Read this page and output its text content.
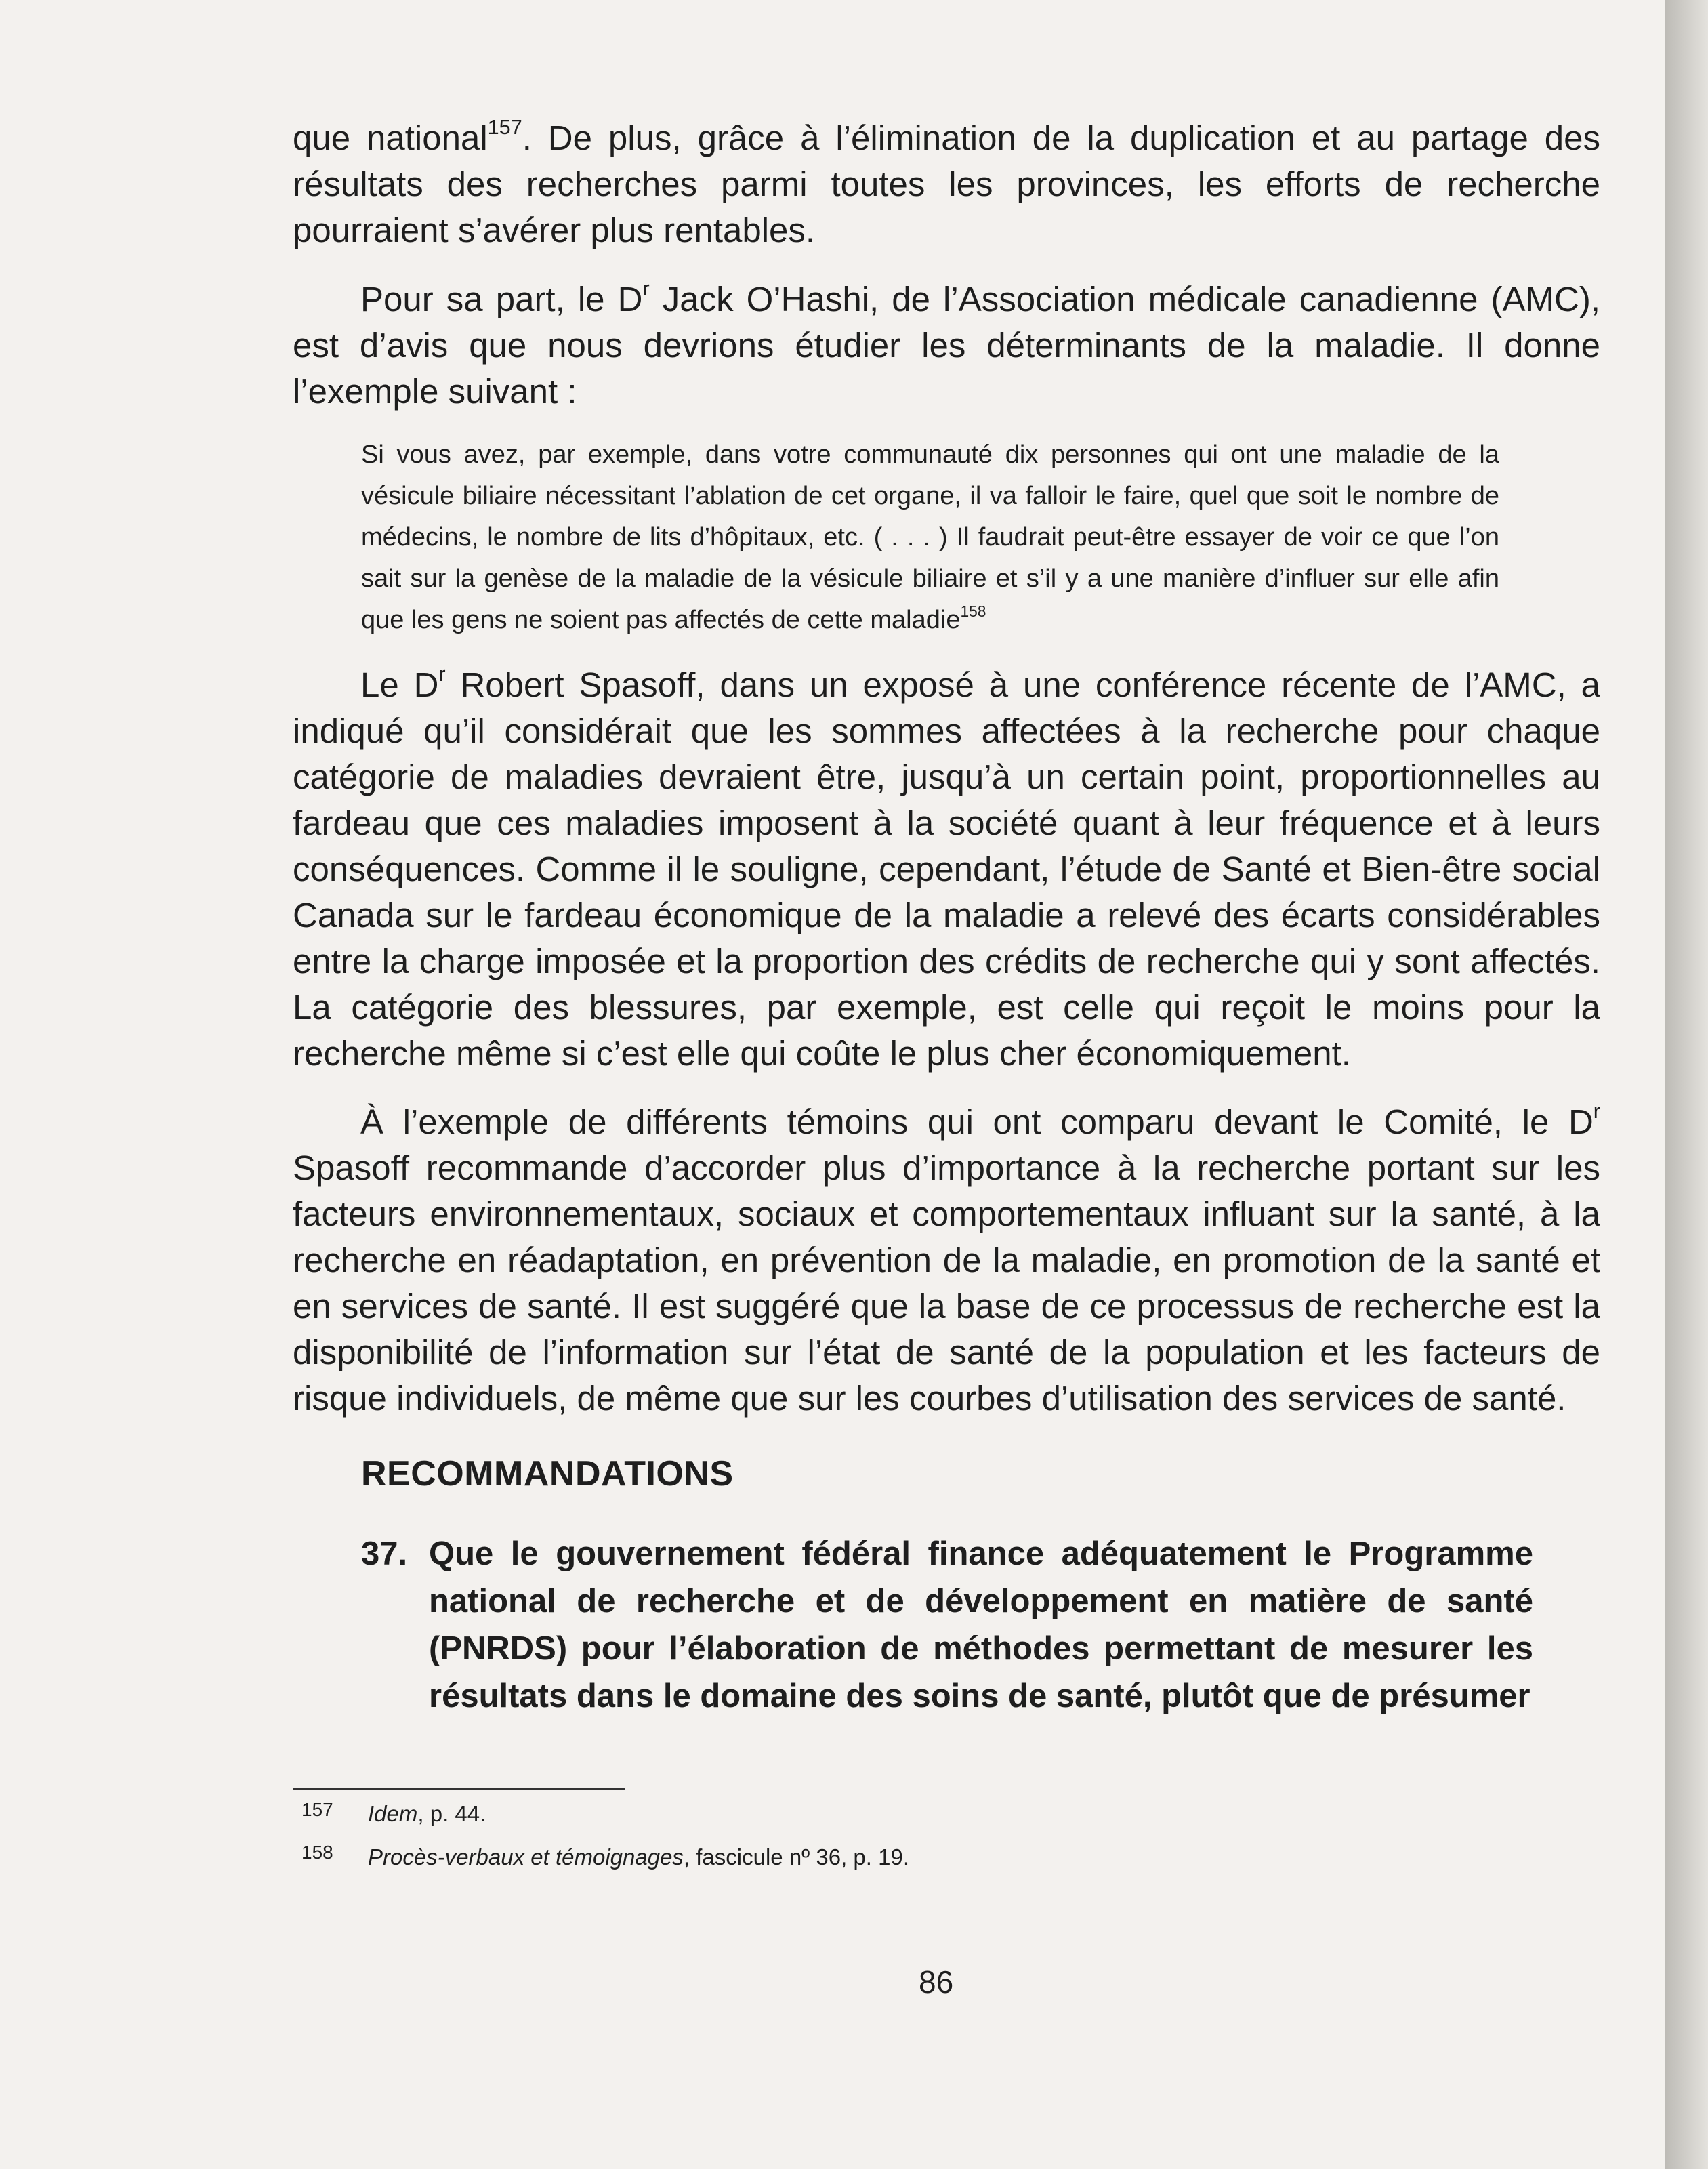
que national$^{157}$. De plus, grâce à l’élimination de la duplication et au partage des résultats des recherches parmi toutes les provinces, les efforts de recherche pourraient s’avérer plus rentables.

Pour sa part, le $D^r$ Jack O’Hashi, de l’Association médicale canadienne (AMC), est d’avis que nous devrions étudier les déterminants de la maladie. Il donne l’exemple suivant :

Si vous avez, par exemple, dans votre communauté dix personnes qui ont une maladie de la vésicule biliaire nécessitant l’ablation de cet organe, il va falloir le faire, quel que soit le nombre de médecins, le nombre de lits d’hôpitaux, etc. ( . . . ) Il faudrait peut-être essayer de voir ce que l’on sait sur la genèse de la maladie de la vésicule biliaire et s’il y a une manière d’influer sur elle afin que les gens ne soient pas affectés de cette maladie$^{158}$

Le $D^r$ Robert Spasoff, dans un exposé à une conférence récente de l’AMC, a indiqué qu’il considérait que les sommes affectées à la recherche pour chaque catégorie de maladies devraient être, jusqu’à un certain point, proportionnelles au fardeau que ces maladies imposent à la société quant à leur fréquence et à leurs conséquences. Comme il le souligne, cependant, l’étude de Santé et Bien-être social Canada sur le fardeau économique de la maladie a relevé des écarts considérables entre la charge imposée et la proportion des crédits de recherche qui y sont affectés. La catégorie des blessures, par exemple, est celle qui reçoit le moins pour la recherche même si c’est elle qui coûte le plus cher économiquement.

À l’exemple de différents témoins qui ont comparu devant le Comité, le $D^r$ Spasoff recommande d’accorder plus d’importance à la recherche portant sur les facteurs environnementaux, sociaux et comportementaux influant sur la santé, à la recherche en réadaptation, en prévention de la maladie, en promotion de la santé et en services de santé. Il est suggéré que la base de ce processus de recherche est la disponibilité de l’information sur l’état de santé de la population et les facteurs de risque individuels, de même que sur les courbes d’utilisation des services de santé.

RECOMMANDATIONS
37. Que le gouvernement fédéral finance adéquatement le Programme national de recherche et de développement en matière de santé (PNRDS) pour l’élaboration de méthodes permettant de mesurer les résultats dans le domaine des soins de santé, plutôt que de présumer

157 Idem, p. 44.
158 Procès-verbaux et témoignages, fascicule nº 36, p. 19.
86
